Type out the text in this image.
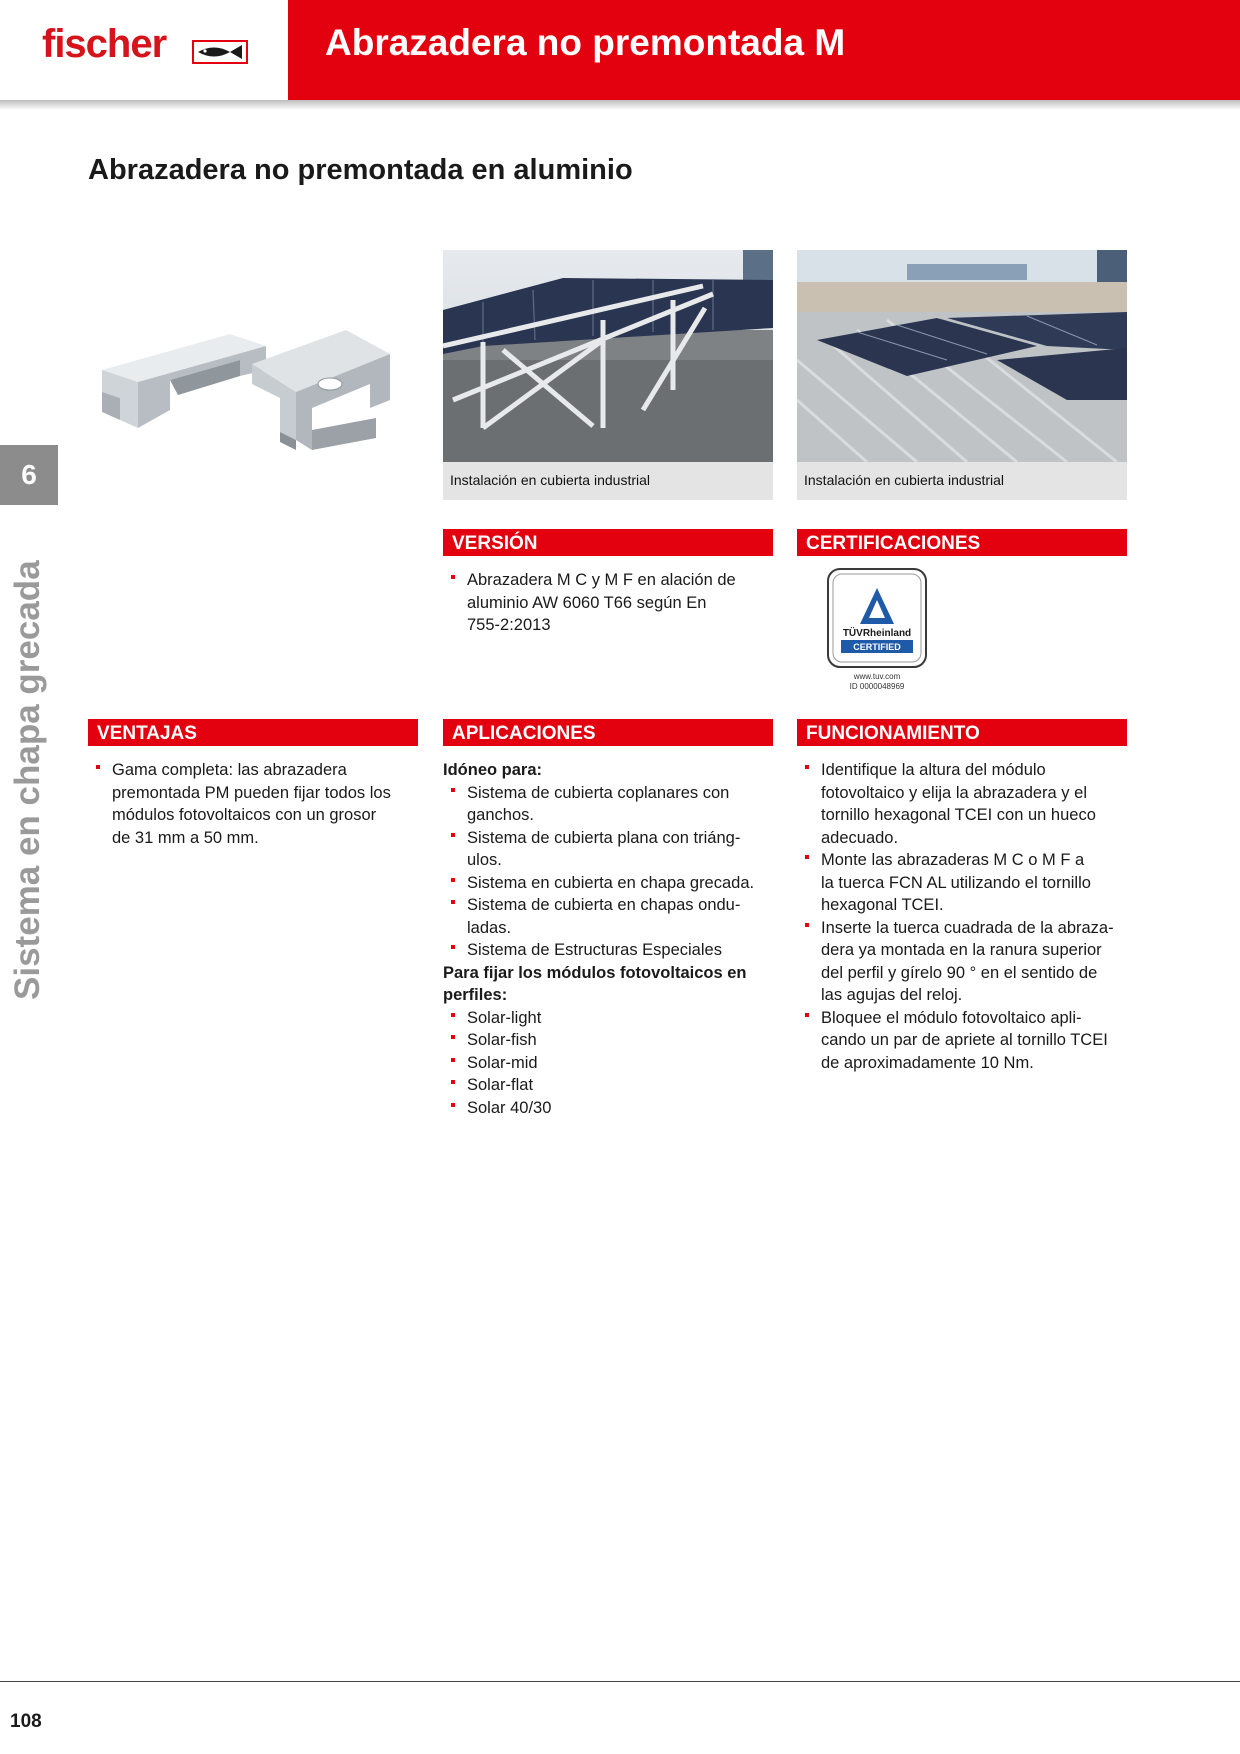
fischer	Abrazadera no premontada M
6
Sistema en chapa grecada
Abrazadera no premontada en aluminio
Instalación en cubierta industrial	Instalación en cubierta industrial
VERSIÓN
Abrazadera M C y M F en alación de
aluminio AW 6060 T66 según En
755-2:2013
CERTIFICACIONES
TÜVRheinland
CERTIFIED
www.tuv.com
ID 0000048969
VENTAJAS
Gama completa: las abrazadera
premontada PM pueden fijar todos los
módulos fotovoltaicos con un grosor
de 31 mm a 50 mm.
APLICACIONES
Idóneo para:
Sistema de cubierta coplanares con
ganchos.
Sistema de cubierta plana con triáng-
ulos.
Sistema en cubierta en chapa grecada.
Sistema de cubierta en chapas ondu-
ladas.
Sistema de Estructuras Especiales
Para fijar los módulos fotovoltaicos en
perfiles:
Solar-light
Solar-fish
Solar-mid
Solar-flat
Solar 40/30
FUNCIONAMIENTO
Identifique la altura del módulo
fotovoltaico y elija la abrazadera y el
tornillo hexagonal TCEI con un hueco
adecuado.
Monte las abrazaderas M C o M F a
la tuerca FCN AL utilizando el tornillo
hexagonal TCEI.
Inserte la tuerca cuadrada de la abraza-
dera ya montada en la ranura superior
del perfil y gírelo 90 ° en el sentido de
las agujas del reloj.
Bloquee el módulo fotovoltaico apli-
cando un par de apriete al tornillo TCEI
de aproximadamente 10 Nm.
108
